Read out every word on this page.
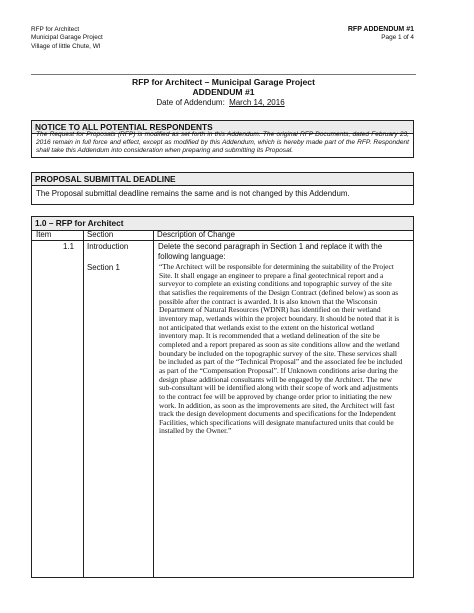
RFP for Architect
Municipal Garage Project
Village of little Chute, WI
RFP ADDENDUM #1
Page 1 of 4
RFP for Architect – Municipal Garage Project
ADDENDUM #1
Date of Addendum: March 14, 2016
NOTICE TO ALL POTENTIAL RESPONDENTS
The Request for Proposals (RFP) is modified as set forth in this Addendum. The original RFP Documents, dated February 23, 2016 remain in full force and effect, except as modified by this Addendum, which is hereby made part of the RFP. Respondent shall take this Addendum into consideration when preparing and submitting its Proposal.
PROPOSAL SUBMITTAL DEADLINE
The Proposal submittal deadline remains the same and is not changed by this Addendum.
1.0 – RFP for Architect
Item	Section	Description of Change
1.1 Introduction
Section 1
Delete the second paragraph in Section 1 and replace it with the following language:
“The Architect will be responsible for determining the suitability of the Project Site. It shall engage an engineer to prepare a final geotechnical report and a surveyor to complete an existing conditions and topographic survey of the site that satisfies the requirements of the Design Contract (defined below) as soon as possible after the contract is awarded. It is also known that the Wisconsin Department of Natural Resources (WDNR) has identified on their wetland inventory map, wetlands within the project boundary. It should be noted that it is not anticipated that wetlands exist to the extent on the historical wetland inventory map. It is recommended that a wetland delineation of the site be completed and a report prepared as soon as site conditions allow and the wetland boundary be included on the topographic survey of the site. These services shall be included as part of the “Technical Proposal” and the associated fee be included as part of the “Compensation Proposal”. If Unknown conditions arise during the design phase additional consultants will be engaged by the Architect. The new sub-consultant will be identified along with their scope of work and adjustments to the contract fee will be approved by change order prior to initiating the new work. In addition, as soon as the improvements are sited, the Architect will fast track the design development documents and specifications for the Independent Facilities, which specifications will designate manufactured units that could be installed by the Owner.”
